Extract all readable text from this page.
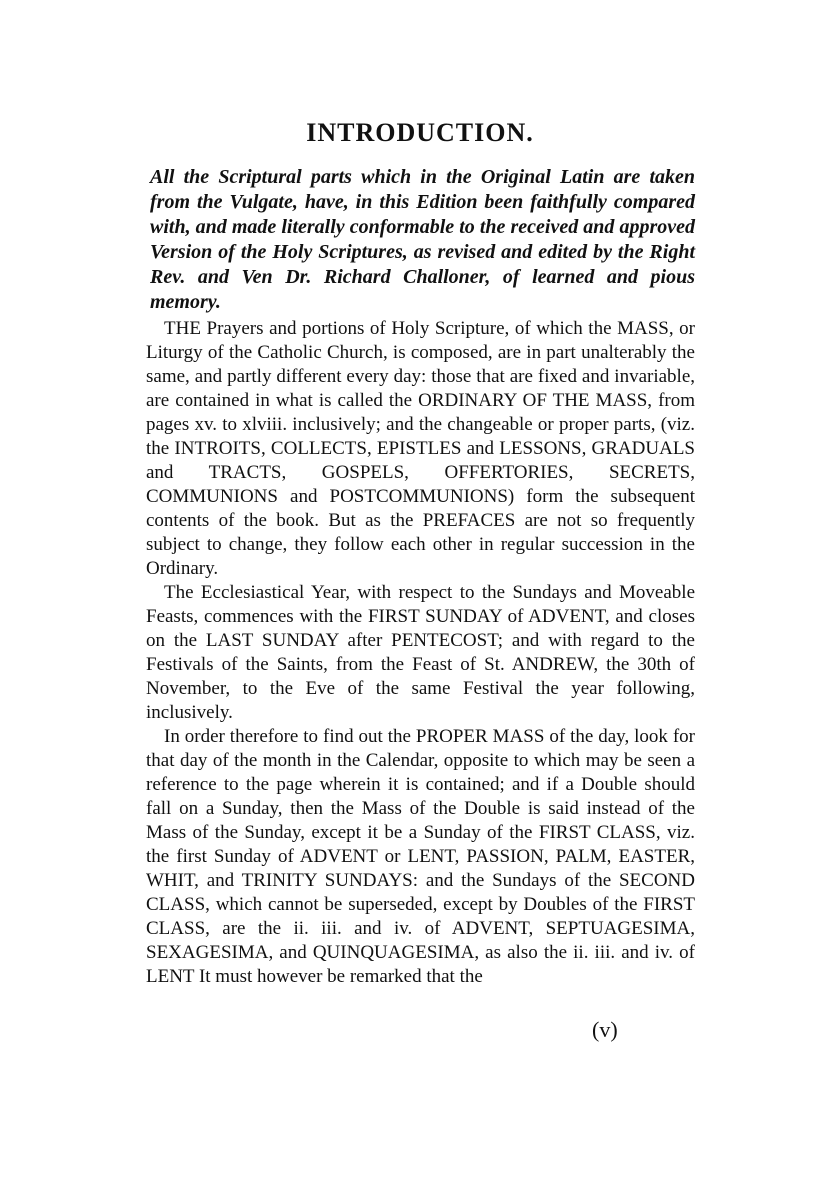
INTRODUCTION.
All the Scriptural parts which in the Original Latin are taken from the Vulgate, have, in this Edition been faithfully compared with, and made literally conformable to the received and approved Version of the Holy Scriptures, as revised and edited by the Right Rev. and Ven Dr. Richard Challoner, of learned and pious memory.

THE Prayers and portions of Holy Scripture, of which the MASS, or Liturgy of the Catholic Church, is composed, are in part unalterably the same, and partly different every day: those that are fixed and invariable, are contained in what is called the ORDINARY OF THE MASS, from pages xv. to xlviii. inclusively; and the changeable or proper parts, (viz. the INTROITS, COLLECTS, EPISTLES and LESSONS, GRADUALS and TRACTS, GOSPELS, OFFERTORIES, SECRETS, COMMUNIONS and POSTCOMMUNIONS) form the subsequent contents of the book. But as the PREFACES are not so frequently subject to change, they follow each other in regular succession in the Ordinary.

The Ecclesiastical Year, with respect to the Sundays and Moveable Feasts, commences with the FIRST SUNDAY of ADVENT, and closes on the LAST SUNDAY after PENTECOST; and with regard to the Festivals of the Saints, from the Feast of St. ANDREW, the 30th of November, to the Eve of the same Festival the year following, inclusively.

In order therefore to find out the PROPER MASS of the day, look for that day of the month in the Calendar, opposite to which may be seen a reference to the page wherein it is contained; and if a Double should fall on a Sunday, then the Mass of the Double is said instead of the Mass of the Sunday, except it be a Sunday of the FIRST CLASS, viz. the first Sunday of ADVENT or LENT, PASSION, PALM, EASTER, WHIT, and TRINITY SUNDAYS: and the Sundays of the SECOND CLASS, which cannot be superseded, except by Doubles of the FIRST CLASS, are the ii. iii. and iv. of ADVENT, SEPTUAGESIMA, SEXAGESIMA, and QUINQUAGESIMA, as also the ii. iii. and iv. of LENT It must however be remarked that the

(v)
